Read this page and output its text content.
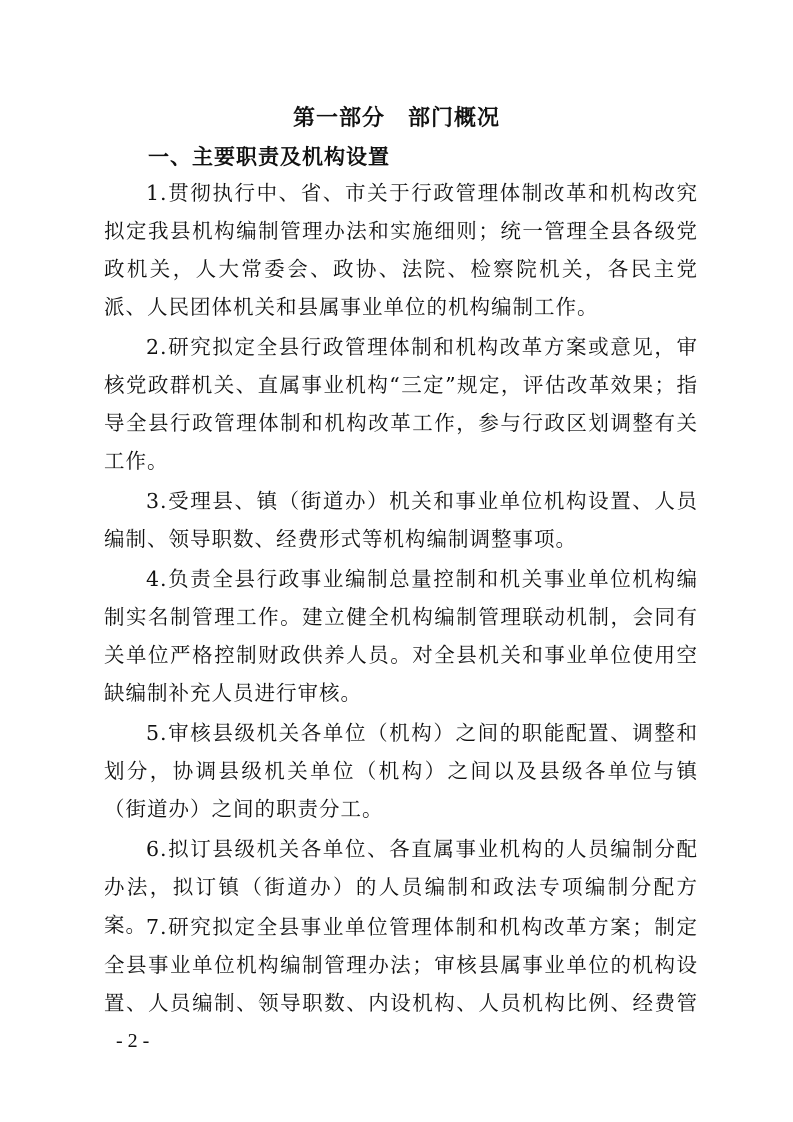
第一部分　部门概况
一、主要职责及机构设置

1.贯彻执行中、省、市关于行政管理体制改革和机构改究拟定我县机构编制管理办法和实施细则；统一管理全县各级党政机关，人大常委会、政协、法院、检察院机关，各民主党派、人民团体机关和县属事业单位的机构编制工作。

2.研究拟定全县行政管理体制和机构改革方案或意见，审核党政群机关、直属事业机构“三定”规定，评估改革效果；指导全县行政管理体制和机构改革工作，参与行政区划调整有关工作。

3.受理县、镇（街道办）机关和事业单位机构设置、人员编制、领导职数、经费形式等机构编制调整事项。

4.负责全县行政事业编制总量控制和机关事业单位机构编制实名制管理工作。建立健全机构编制管理联动机制，会同有关单位严格控制财政供养人员。对全县机关和事业单位使用空缺编制补充人员进行审核。

5.审核县级机关各单位（机构）之间的职能配置、调整和划分，协调县级机关单位（机构）之间以及县级各单位与镇（街道办）之间的职责分工。

6.拟订县级机关各单位、各直属事业机构的人员编制分配办法，拟订镇（街道办）的人员编制和政法专项编制分配方案。 7.研究拟定全县事业单位管理体制和机构改革方案；制定全县事业单位机构编制管理办法；审核县属事业单位的机构设置、人员编制、领导职数、内设机构、人员机构比例、经费管

- 2 -
